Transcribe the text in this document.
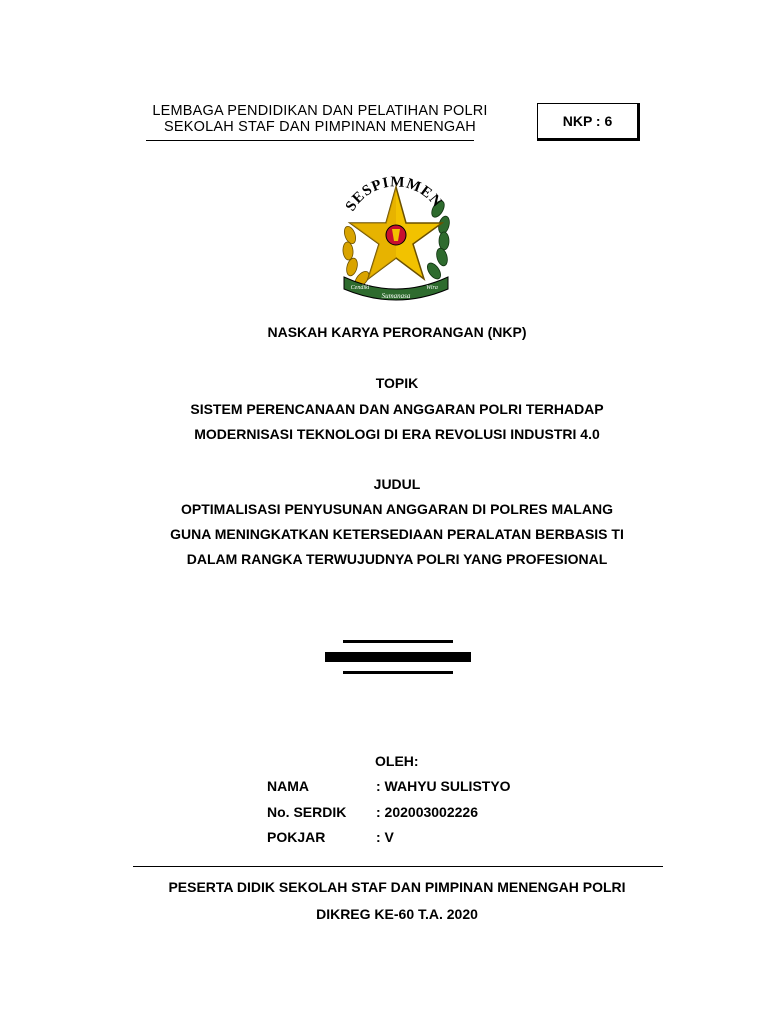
LEMBAGA PENDIDIKAN DAN PELATIHAN POLRI
SEKOLAH STAF DAN PIMPINAN MENENGAH	NKP : 6
SESPIMMEN
Cendiki
Sumanasa
Wira
NASKAH KARYA PERORANGAN (NKP)
TOPIK
SISTEM PERENCANAAN DAN ANGGARAN POLRI TERHADAP
MODERNISASI TEKNOLOGI DI ERA REVOLUSI INDUSTRI 4.0
JUDUL
OPTIMALISASI PENYUSUNAN ANGGARAN DI POLRES MALANG
GUNA MENINGKATKAN KETERSEDIAAN PERALATAN BERBASIS TI
DALAM RANGKA TERWUJUDNYA POLRI YANG PROFESIONAL
OLEH:
NAMA	: WAHYU SULISTYO
No. SERDIK : 202003002226
POKJAR	: V
PESERTA DIDIK SEKOLAH STAF DAN PIMPINAN MENENGAH POLRI
DIKREG KE-60 T.A. 2020
